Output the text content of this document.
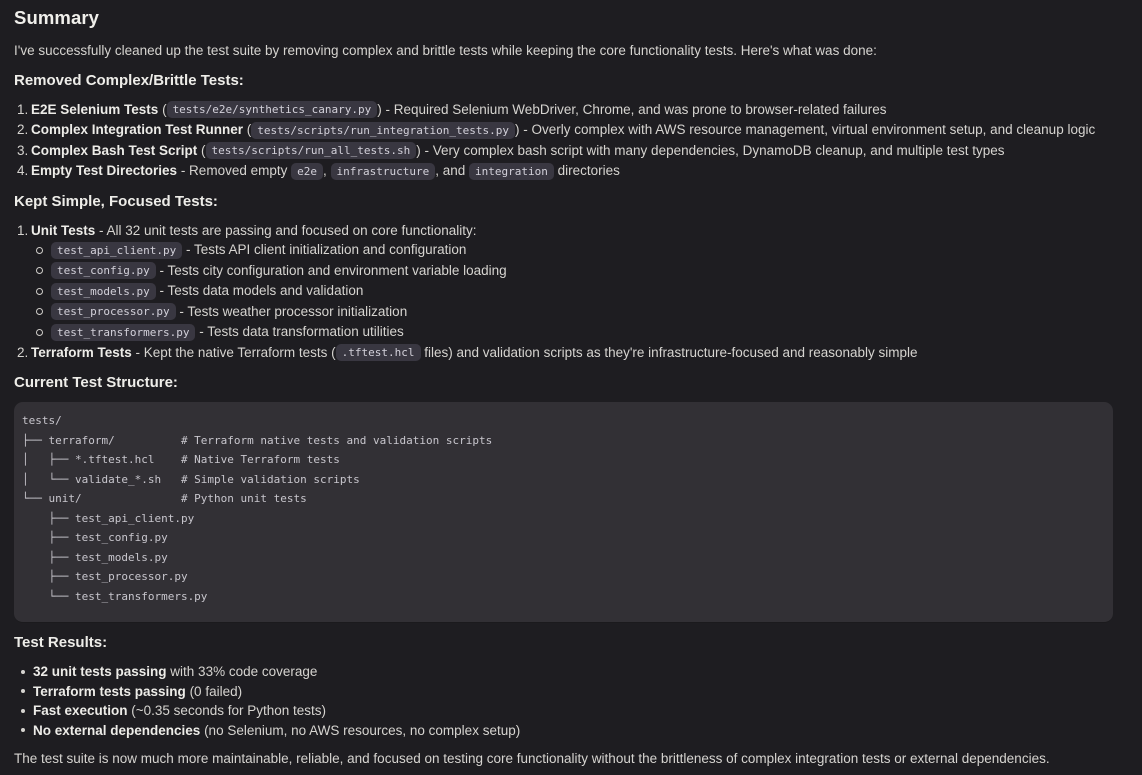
Summary

I've successfully cleaned up the test suite by removing complex and brittle tests while keeping the core functionality tests. Here's what was done:

Removed Complex/Brittle Tests:
1. E2E Selenium Tests ( tests/e2e/synthetics_canary.py ) - Required Selenium WebDriver, Chrome, and was prone to browser-related failures
2. Complex Integration Test Runner ( tests/scripts/run_integration_tests.py ) - Overly complex with AWS resource management, virtual environment setup, and cleanup logic
3. Complex Bash Test Script ( tests/scripts/run_all_tests.sh ) - Very complex bash script with many dependencies, DynamoDB cleanup, and multiple test types
4. Empty Test Directories - Removed empty e2e , infrastructure , and integration directories
Kept Simple, Focused Tests:
1. Unit Tests - All 32 unit tests are passing and focused on core functionality:
test_api_client.py - Tests API client initialization and configuration
test_config.py - Tests city configuration and environment variable loading
test_models.py - Tests data models and validation
test_processor.py - Tests weather processor initialization
test_transformers.py - Tests data transformation utilities
2. Terraform Tests - Kept the native Terraform tests ( .tftest.hcl files) and validation scripts as they're infrastructure-focused and reasonably simple
Current Test Structure:
tests/
├── terraform/          # Terraform native tests and validation scripts
│   ├── *.tftest.hcl    # Native Terraform tests
│   └── validate_*.sh   # Simple validation scripts
└── unit/               # Python unit tests
├── test_api_client.py
├── test_config.py
├── test_models.py
├── test_processor.py
└── test_transformers.py
Test Results:
32 unit tests passing with 33% code coverage
Terraform tests passing (0 failed)
Fast execution (~0.35 seconds for Python tests)
No external dependencies (no Selenium, no AWS resources, no complex setup)

The test suite is now much more maintainable, reliable, and focused on testing core functionality without the brittleness of complex integration tests or external dependencies.
